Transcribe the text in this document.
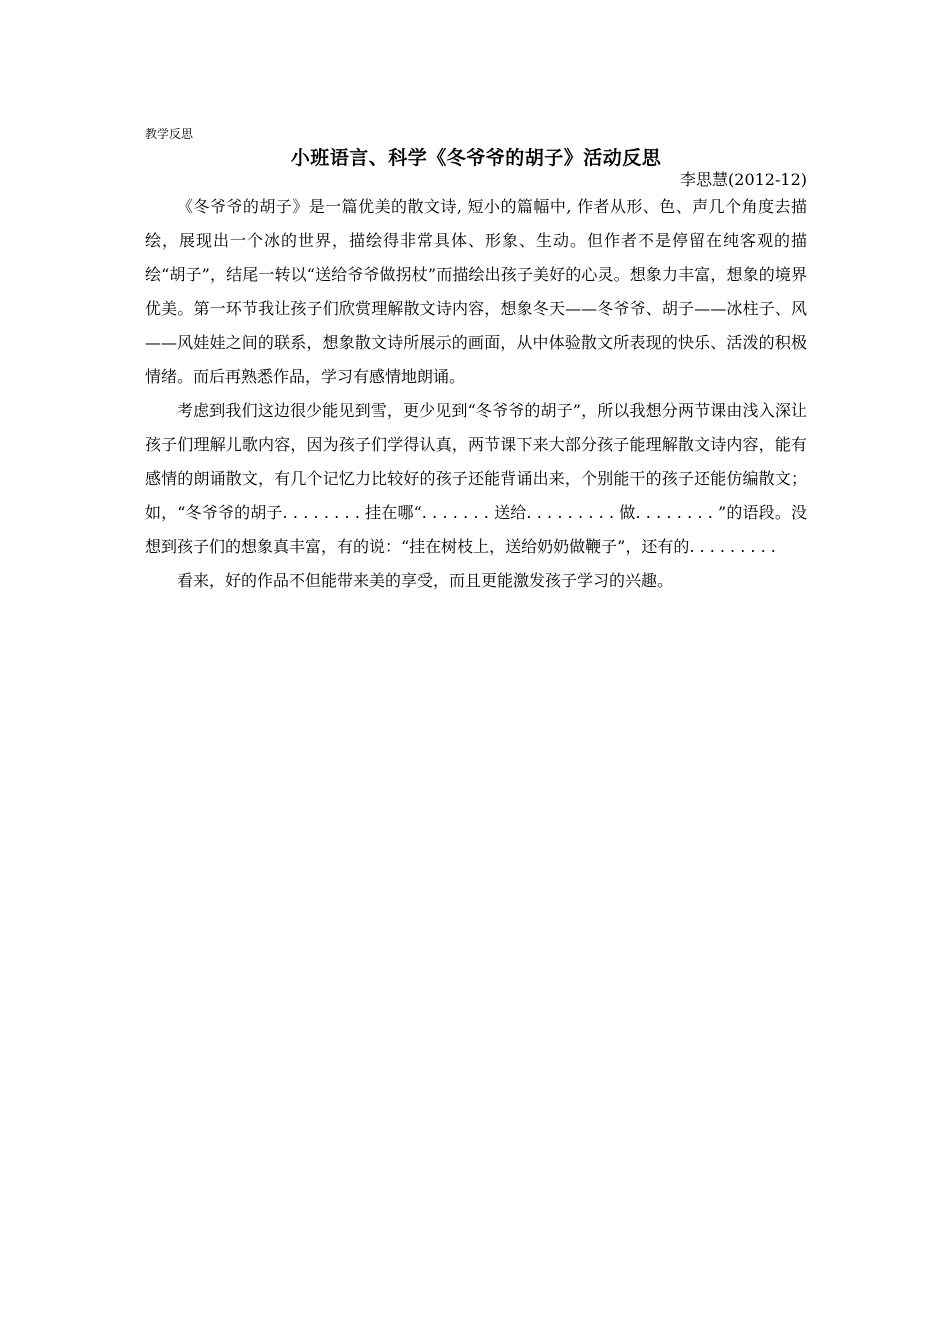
教学反思
小班语言、科学《冬爷爷的胡子》活动反思
李思慧(2012-12)

《冬爷爷的胡子》是一篇优美的散文诗, 短小的篇幅中, 作者从形、色、声几个角度去描绘，展现出一个冰的世界，描绘得非常具体、形象、生动。但作者不是停留在纯客观的描绘“胡子”，结尾一转以“送给爷爷做拐杖”而描绘出孩子美好的心灵。想象力丰富，想象的境界优美。第一环节我让孩子们欣赏理解散文诗内容，想象冬天——冬爷爷、胡子——冰柱子、风——风娃娃之间的联系，想象散文诗所展示的画面，从中体验散文所表现的快乐、活泼的积极情绪。而后再熟悉作品，学习有感情地朗诵。

考虑到我们这边很少能见到雪，更少见到“冬爷爷的胡子”，所以我想分两节课由浅入深让孩子们理解儿歌内容，因为孩子们学得认真，两节课下来大部分孩子能理解散文诗内容，能有感情的朗诵散文，有几个记忆力比较好的孩子还能背诵出来，个别能干的孩子还能仿编散文；如，“冬爷爷的胡子. . . . . . . . 挂在哪“. . . . . . . 送给. . . . . . . . . 做. . . . . . . . ”的语段。没想到孩子们的想象真丰富，有的说：“挂在树枝上，送给奶奶做鞭子”，还有的. . . . . . . . .

看来，好的作品不但能带来美的享受，而且更能激发孩子学习的兴趣。
